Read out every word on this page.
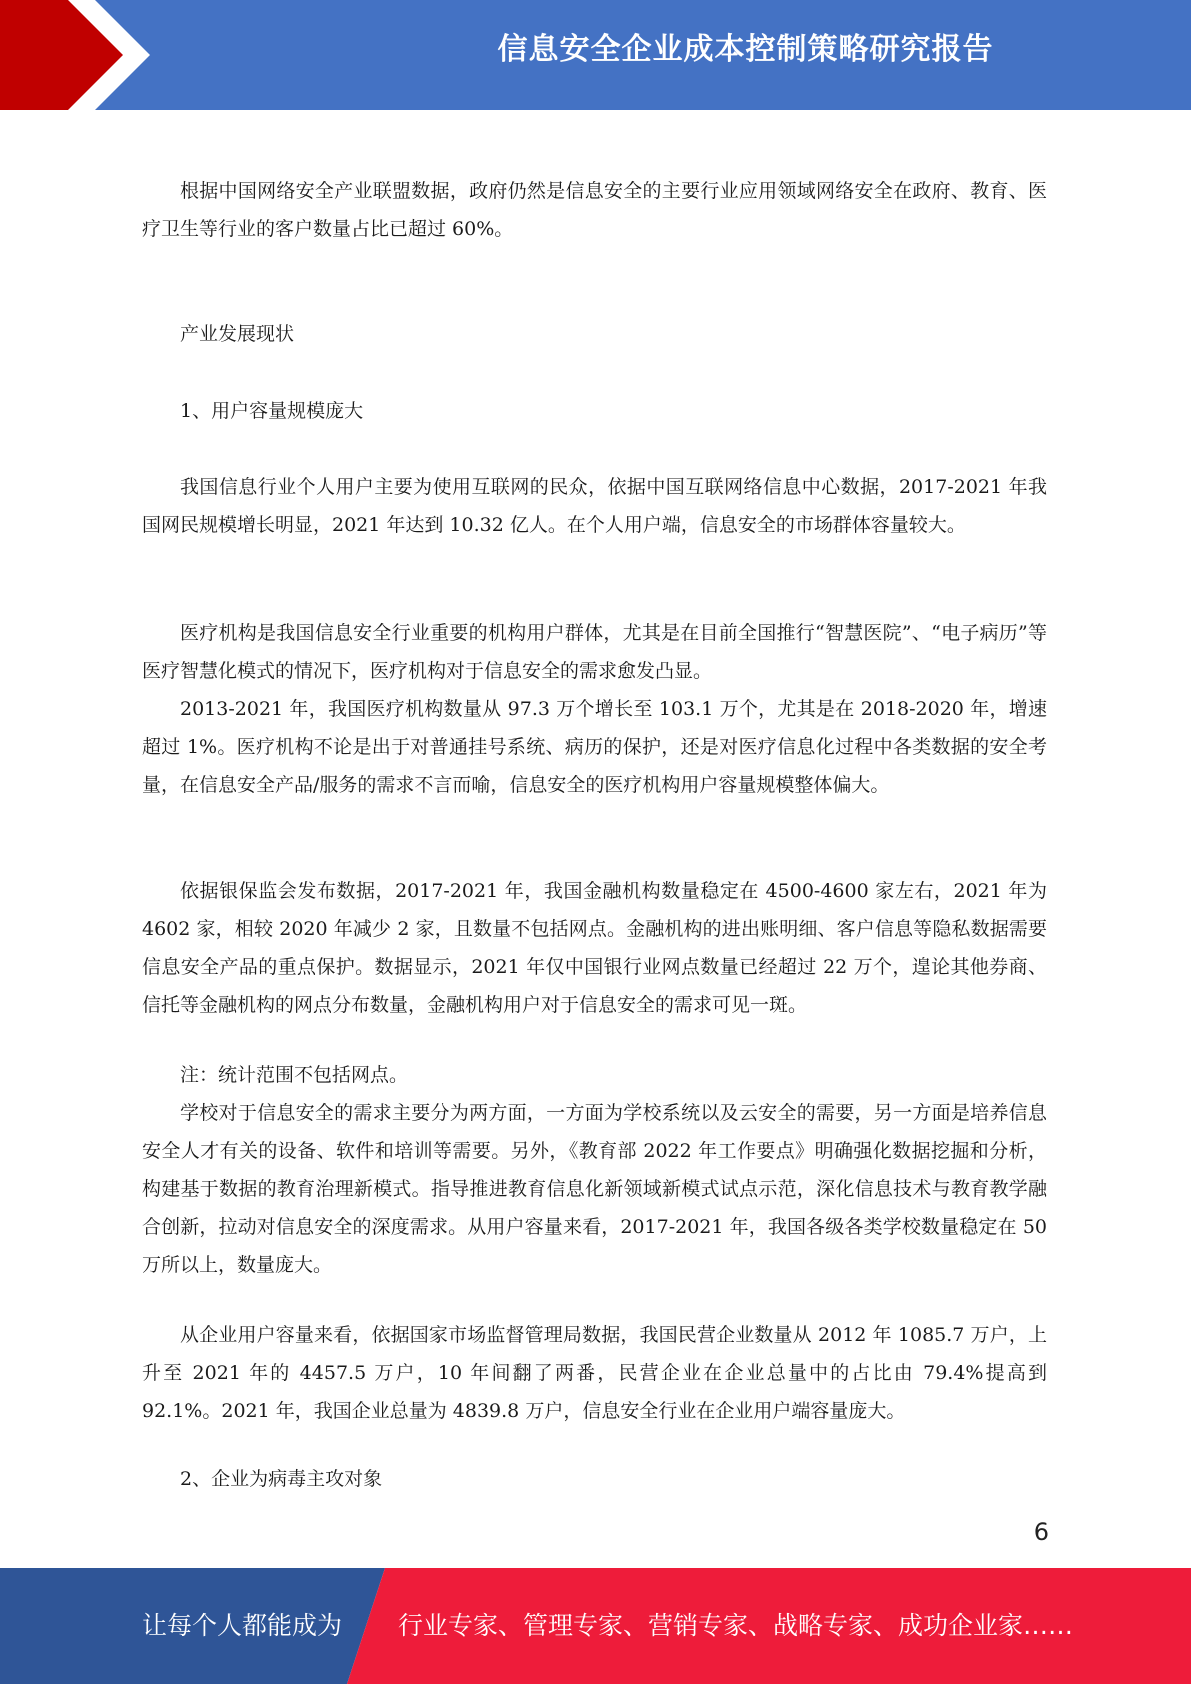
信息安全企业成本控制策略研究报告

根据中国网络安全产业联盟数据，政府仍然是信息安全的主要行业应用领域网络安全在政府、教育、医疗卫生等行业的客户数量占比已超过 60%。

产业发展现状

1、用户容量规模庞大

我国信息行业个人用户主要为使用互联网的民众，依据中国互联网络信息中心数据，2017-2021 年我国网民规模增长明显，2021 年达到 10.32 亿人。在个人用户端，信息安全的市场群体容量较大。

医疗机构是我国信息安全行业重要的机构用户群体，尤其是在目前全国推行“智慧医院”、“电子病历”等医疗智慧化模式的情况下，医疗机构对于信息安全的需求愈发凸显。

2013-2021 年，我国医疗机构数量从 97.3 万个增长至 103.1 万个，尤其是在 2018-2020 年，增速超过 1%。医疗机构不论是出于对普通挂号系统、病历的保护，还是对医疗信息化过程中各类数据的安全考量，在信息安全产品/服务的需求不言而喻，信息安全的医疗机构用户容量规模整体偏大。

依据银保监会发布数据，2017-2021 年，我国金融机构数量稳定在 4500-4600 家左右，2021 年为 4602 家，相较 2020 年减少 2 家，且数量不包括网点。金融机构的进出账明细、客户信息等隐私数据需要信息安全产品的重点保护。数据显示，2021 年仅中国银行业网点数量已经超过 22 万个，遑论其他券商、信托等金融机构的网点分布数量，金融机构用户对于信息安全的需求可见一斑。

注：统计范围不包括网点。

学校对于信息安全的需求主要分为两方面，一方面为学校系统以及云安全的需要，另一方面是培养信息安全人才有关的设备、软件和培训等需要。另外，《教育部 2022 年工作要点》明确强化数据挖掘和分析，构建基于数据的教育治理新模式。指导推进教育信息化新领域新模式试点示范，深化信息技术与教育教学融合创新，拉动对信息安全的深度需求。从用户容量来看，2017-2021 年，我国各级各类学校数量稳定在 50 万所以上，数量庞大。

从企业用户容量来看，依据国家市场监督管理局数据，我国民营企业数量从 2012 年 1085.7 万户，上升至 2021 年的 4457.5 万户，10 年间翻了两番，民营企业在企业总量中的占比由 79.4%提高到 92.1%。2021 年，我国企业总量为 4839.8 万户，信息安全行业在企业用户端容量庞大。

2、企业为病毒主攻对象

6
让每个人都能成为 行业专家、管理专家、营销专家、战略专家、成功企业家……
